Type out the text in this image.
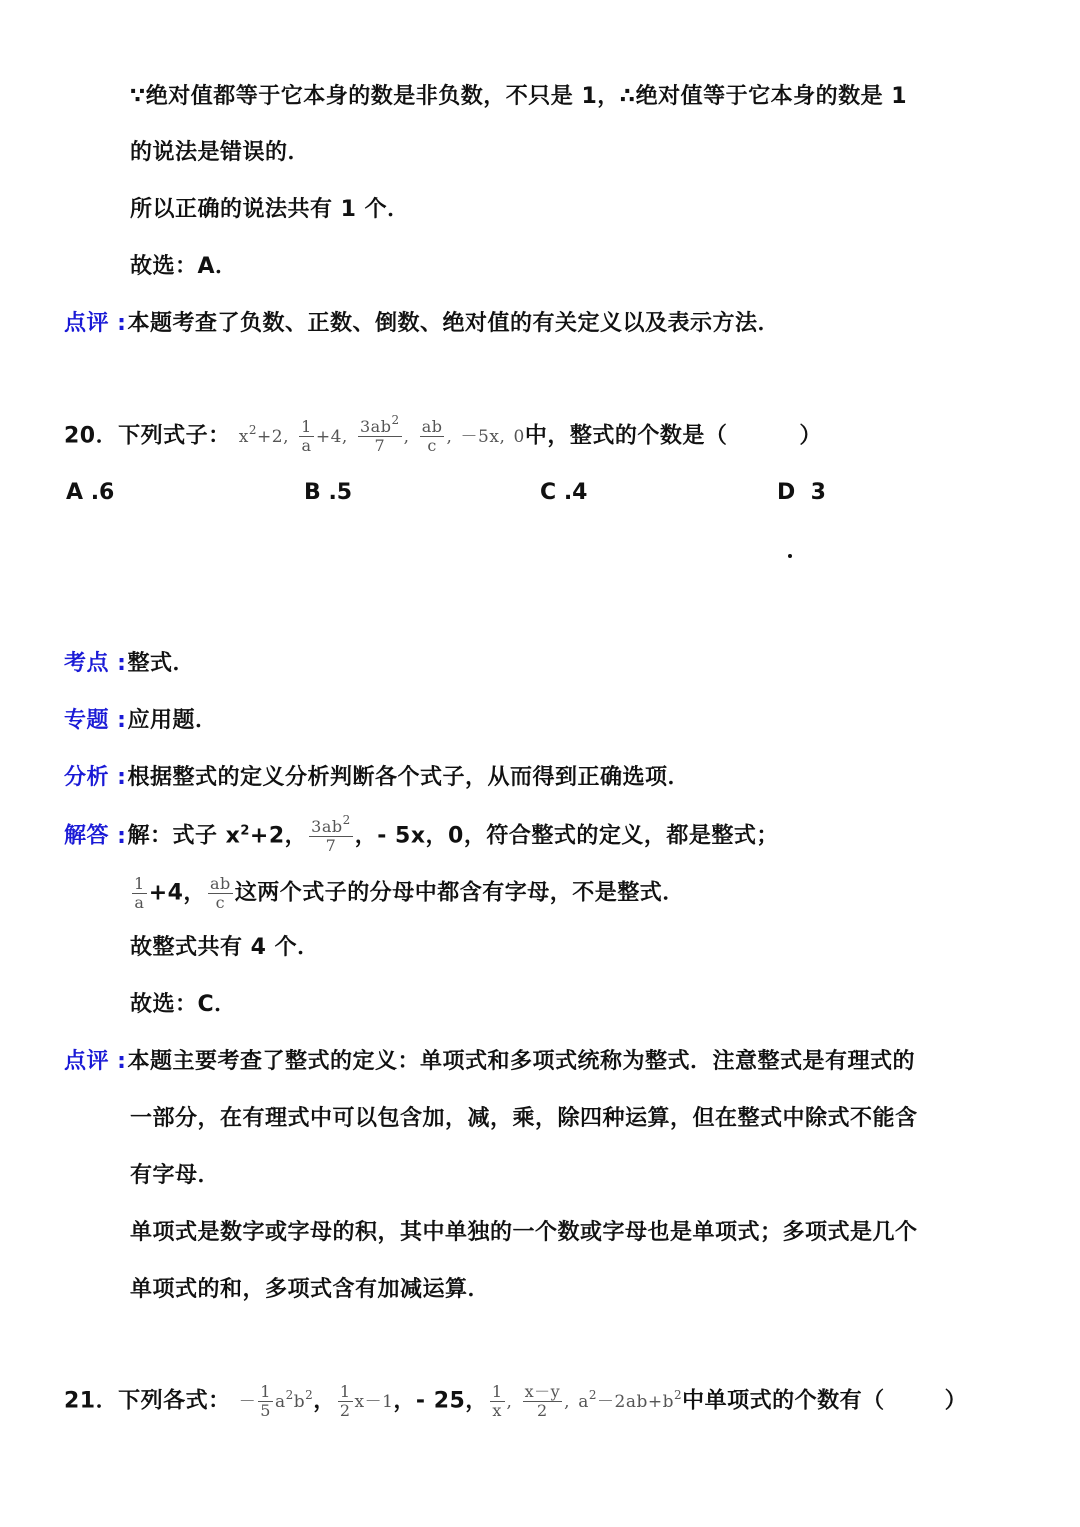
∵绝对值都等于它本身的数是非负数，不只是 1，∴绝对值等于它本身的数是 1
的说法是错误的．
所以正确的说法共有 1 个．
故选：A．
点评 :本题考查了负数、正数、倒数、绝对值的有关定义以及表示方法．
20．下列式子： $x^2+2$, $\frac{1}{a} +4$, $\frac{3ab^2}{7}$ , $\frac{ab}{c}$ , －5x, 0中，整式的个数是（	）
A .6	B .5	C .4	D 3
考点 :整式．
专题 :应用题．
分析 :根据整式的定义分析判断各个式子，从而得到正确选项．
解答 :解：式子 $x^2+2$， $\frac{3ab^2}{7}$ ，- 5x，0，符合整式的定义，都是整式；
$\frac{1}{a} +4$， $\frac{ab}{c}$ 这两个式子的分母中都含有字母，不是整式．
故整式共有 4 个．
故选：C．
点评 :本题主要考查了整式的定义：单项式和多项式统称为整式．注意整式是有理式的
一部分，在有理式中可以包含加，减，乘，除四种运算，但在整式中除式不能含
有字母．
单项式是数字或字母的积，其中单独的一个数或字母也是单项式；多项式是几个
单项式的和，多项式含有加减运算．
21．下列各式： － $\frac{1}{5} a^2b^2$， $\frac{1}{2} x-1$，- 25， $\frac{1}{x}$ , $\frac{x-y}{2}$ , $a^2-2ab+b^2$中单项式的个数有（	）
